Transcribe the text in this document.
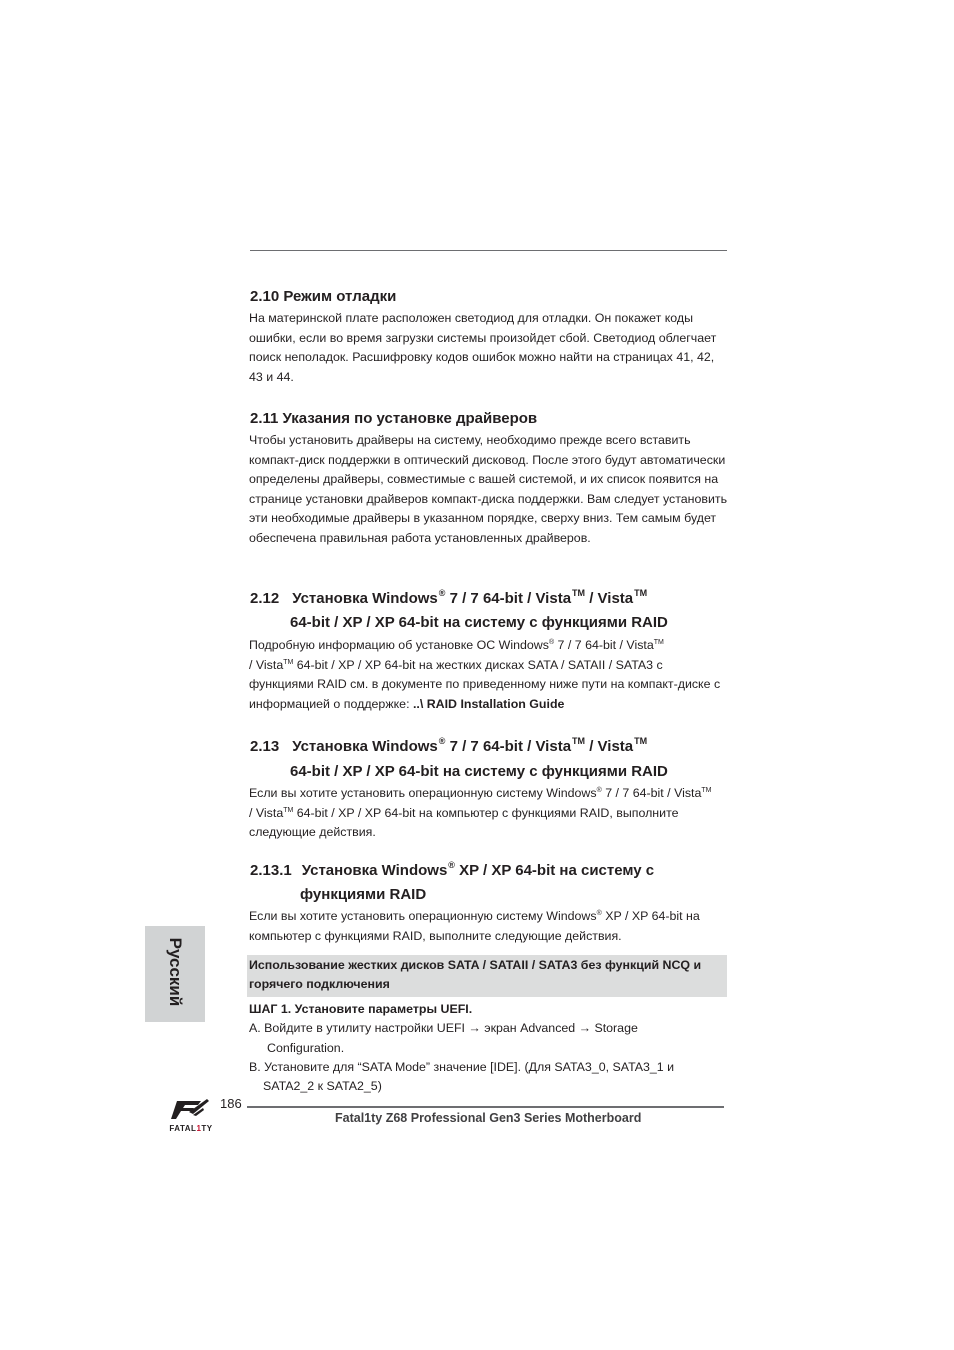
2.10 Режим отладки

На материнской плате расположен светодиод для отладки. Он покажет коды ошибки, если во время загрузки системы произойдет сбой. Светодиод облегчает поиск неполадок. Расшифровку кодов ошибок можно найти на страницах 41, 42, 43 и 44.

2.11 Указания по установке драйверов

Чтобы установить драйверы на систему, необходимо прежде всего вставить компакт-диск поддержки в оптический дисковод. После этого будут автоматически определены драйверы, совместимые с вашей системой, и их список появится на странице установки драйверов компакт-диска поддержки. Вам следует установить эти необходимые драйверы в указанном порядке, сверху вниз. Тем самым будет обеспечена правильная работа установленных драйверов.

2.12 Установка Windows® 7 / 7 64-bit / Vista™ / Vista™
64-bit / XP / XP 64-bit на систему с функциями RAID

Подробную информацию об установке ОС Windows® 7 / 7 64-bit / Vista™
/ Vista™ 64-bit / XP / XP 64-bit на жестких дисках SATA / SATAII / SATA3 с функциями RAID см. в документе по приведенному ниже пути на компакт-диске с информацией о поддержке: ..\ RAID Installation Guide

2.13 Установка Windows® 7 / 7 64-bit / Vista™ / Vista™
64-bit / XP / XP 64-bit на систему с функциями RAID

Если вы хотите установить операционную систему Windows® 7 / 7 64-bit / Vista™
/ Vista™ 64-bit / XP / XP 64-bit на компьютер с функциями RAID, выполните следующие действия.

2.13.1 Установка Windows® XP / XP 64-bit на систему с
функциями RAID

Если вы хотите установить операционную систему Windows® XP / XP 64-bit на компьютер с функциями RAID, выполните следующие действия.

Использование жестких дисков SATA / SATAII / SATA3 без функций NCQ и горячего подключения

ШАГ 1. Установите параметры UEFI.

A. Войдите в утилиту настройки UEFI → экран Advanced → Storage

Configuration.

B. Установите для “SATA Mode” значение [IDE]. (Для SATA3_0, SATA3_1 и

SATA2_2 к SATA2_5)

Русский
186
Fatal1ty Z68 Professional Gen3 Series Motherboard
FATAL1TY
